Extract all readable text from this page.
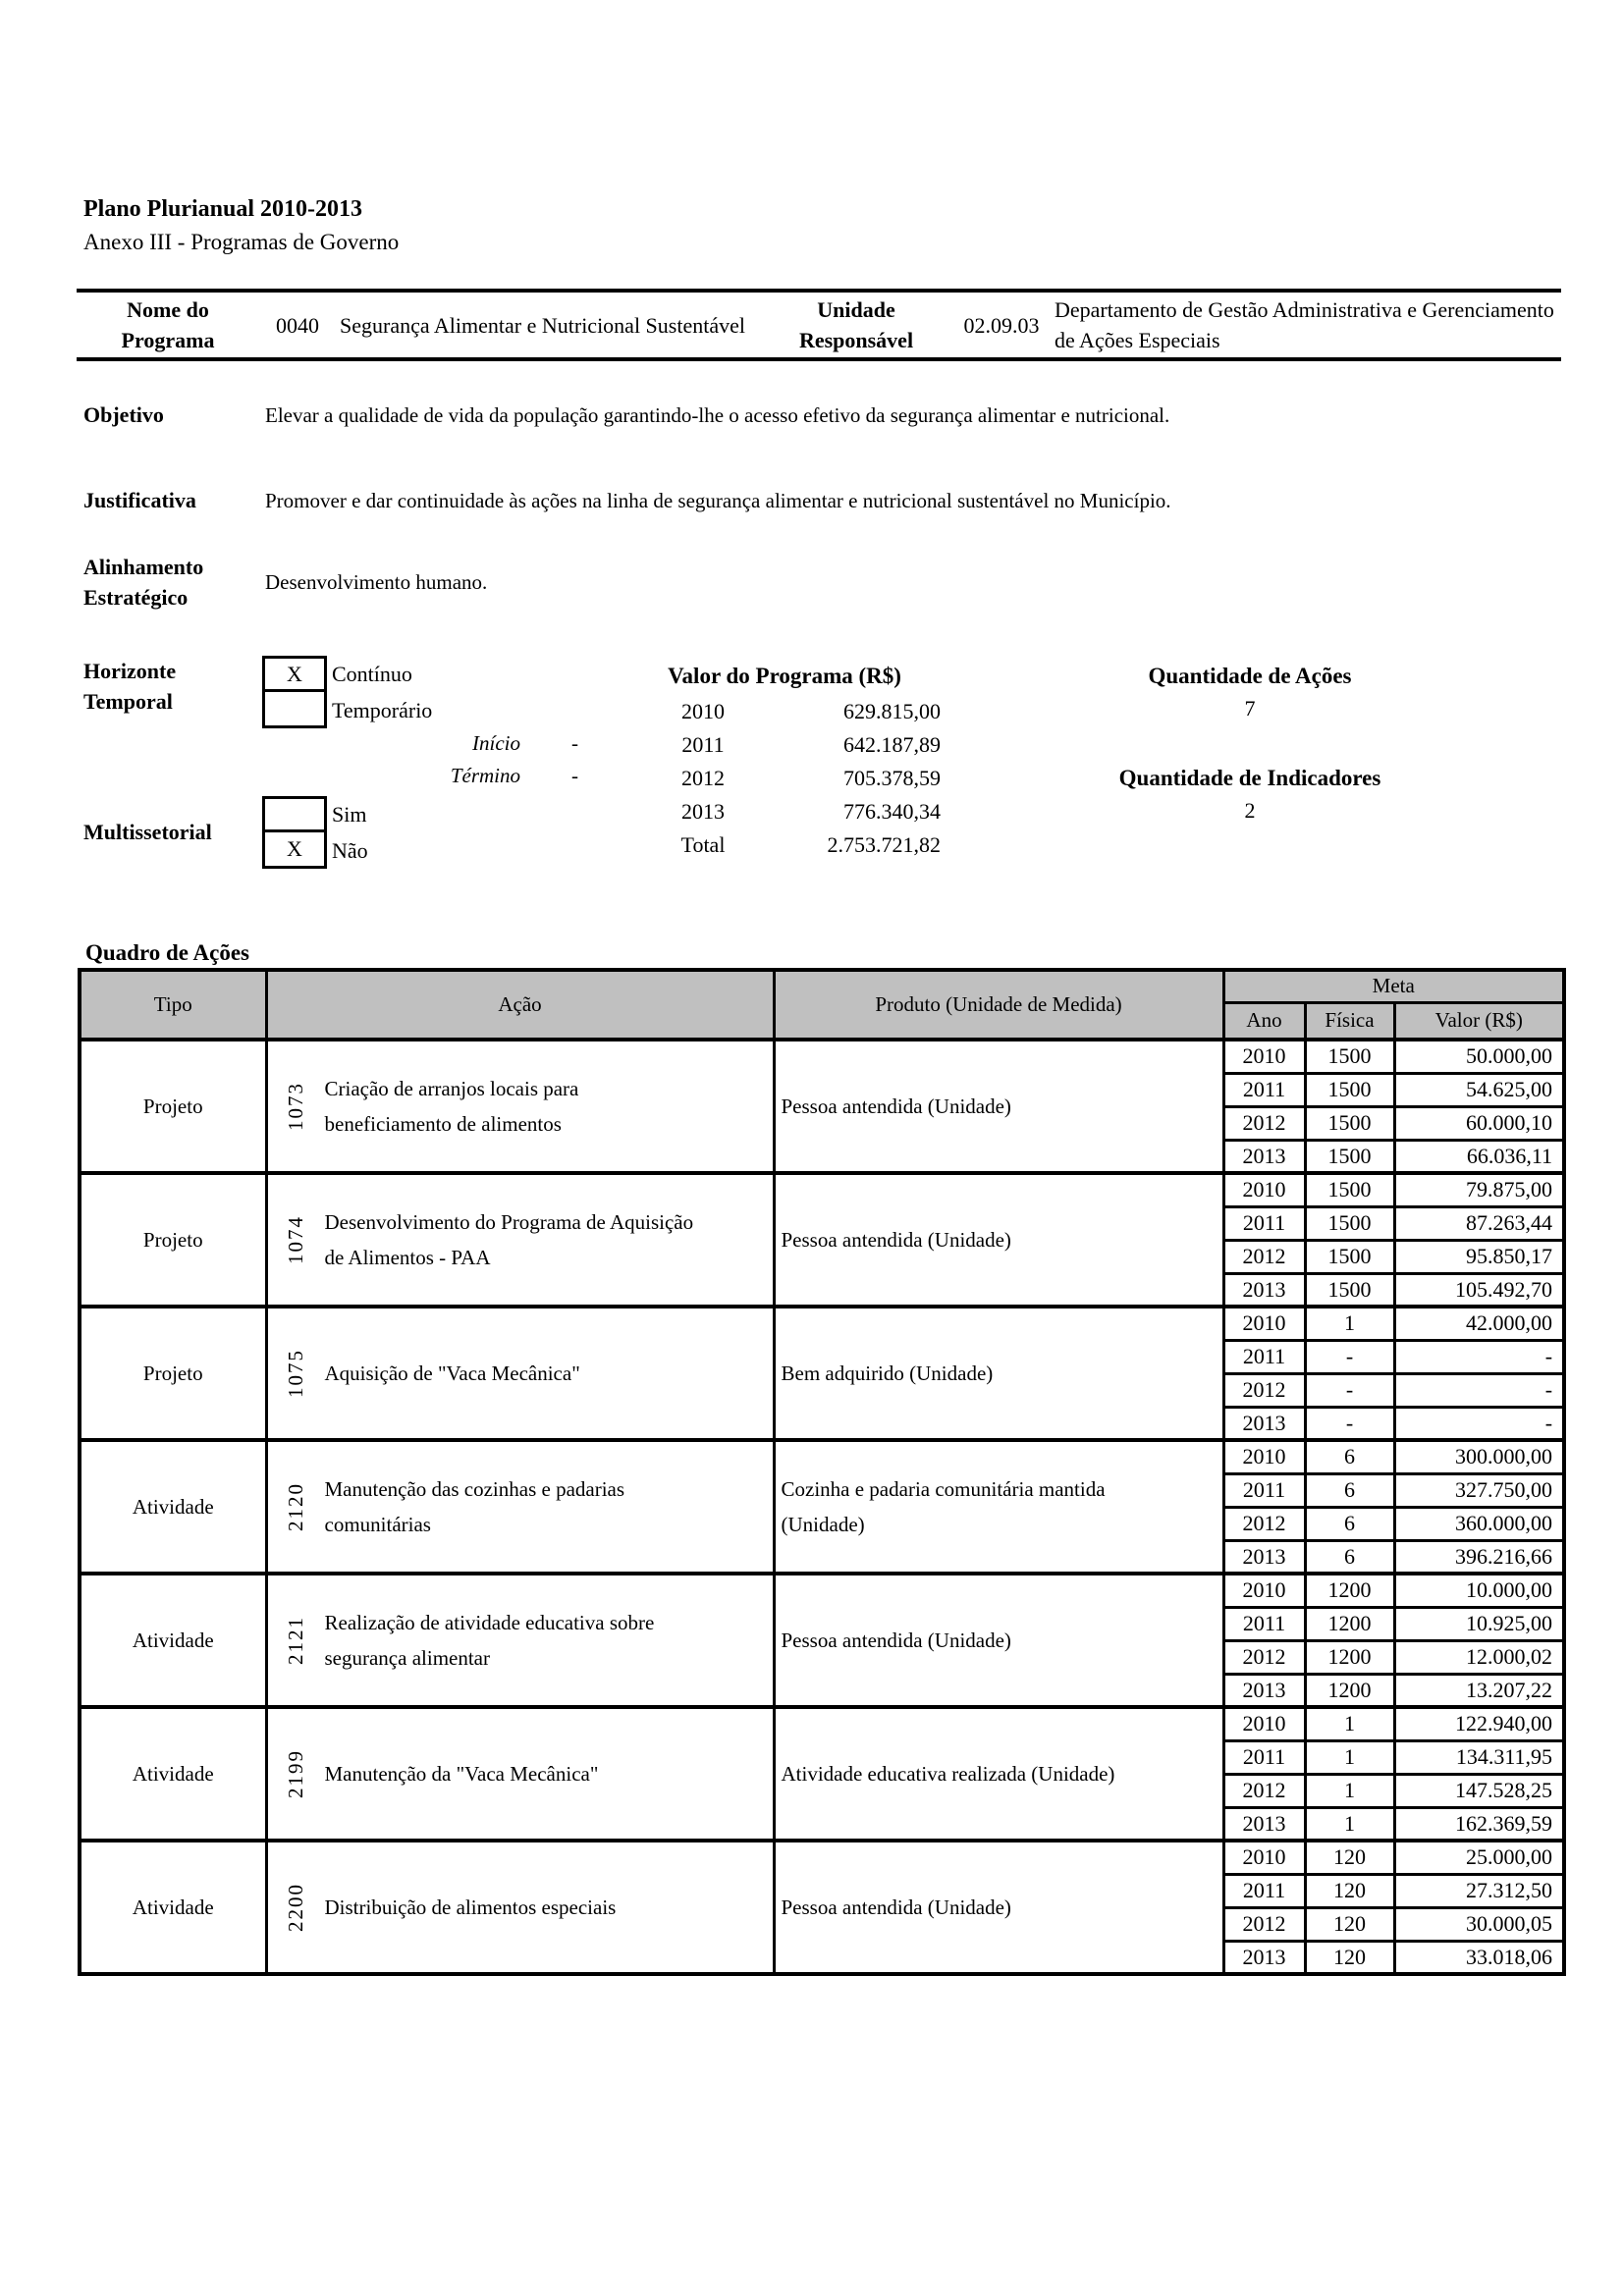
Plano Plurianual 2010-2013
Anexo III - Programas de Governo
Nome do Programa
0040 Segurança Alimentar e Nutricional Sustentável
Unidade Responsável
02.09.03
Departamento de Gestão Administrativa e Gerenciamento de Ações Especiais
Objetivo	Elevar a qualidade de vida da população garantindo-lhe o acesso efetivo da segurança alimentar e nutricional.
Justificativa	Promover e dar continuidade às ações na linha de segurança alimentar e nutricional sustentável no Município.
Alinhamento Estratégico
Desenvolvimento humano.
Horizonte Temporal
X Contínuo
Temporário
Início -
Término -
Multissetorial
Sim
X Não
Valor do Programa (R$)
2010	629.815,00
2011	642.187,89
2012	705.378,59
2013	776.340,34
Total	2.753.721,82
Quantidade de Ações
7
Quantidade de Indicadores
2
Quadro de Ações
Tipo	Ação	Produto (Unidade de Medida)	Meta		
			Ano	Física	Valor (R$)
Projeto	1073 Criação de arranjos locais para beneficiamento de alimentos	Pessoa antendida (Unidade)	2010	1500	50.000,00
			2011	1500	54.625,00
			2012	1500	60.000,10
			2013	1500	66.036,11
Projeto	1074 Desenvolvimento do Programa de Aquisição de Alimentos - PAA	Pessoa antendida (Unidade)	2010	1500	79.875,00
			2011	1500	87.263,44
			2012	1500	95.850,17
			2013	1500	105.492,70
Projeto	1075 Aquisição de "Vaca Mecânica"	Bem adquirido (Unidade)	2010	1	42.000,00
			2011	-	-
			2012	-	-
			2013	-	-
Atividade	2120 Manutenção das cozinhas e padarias comunitárias	Cozinha e padaria comunitária mantida (Unidade)	2010	6	300.000,00
			2011	6	327.750,00
			2012	6	360.000,00
			2013	6	396.216,66
Atividade	2121 Realização de atividade educativa sobre segurança alimentar	Pessoa antendida (Unidade)	2010	1200	10.000,00
			2011	1200	10.925,00
			2012	1200	12.000,02
			2013	1200	13.207,22
Atividade	2199 Manutenção da "Vaca Mecânica"	Atividade educativa realizada (Unidade)	2010	1	122.940,00
			2011	1	134.311,95
			2012	1	147.528,25
			2013	1	162.369,59
Atividade	2200 Distribuição de alimentos especiais	Pessoa antendida (Unidade)	2010	120	25.000,00
			2011	120	27.312,50
			2012	120	30.000,05
			2013	120	33.018,06
